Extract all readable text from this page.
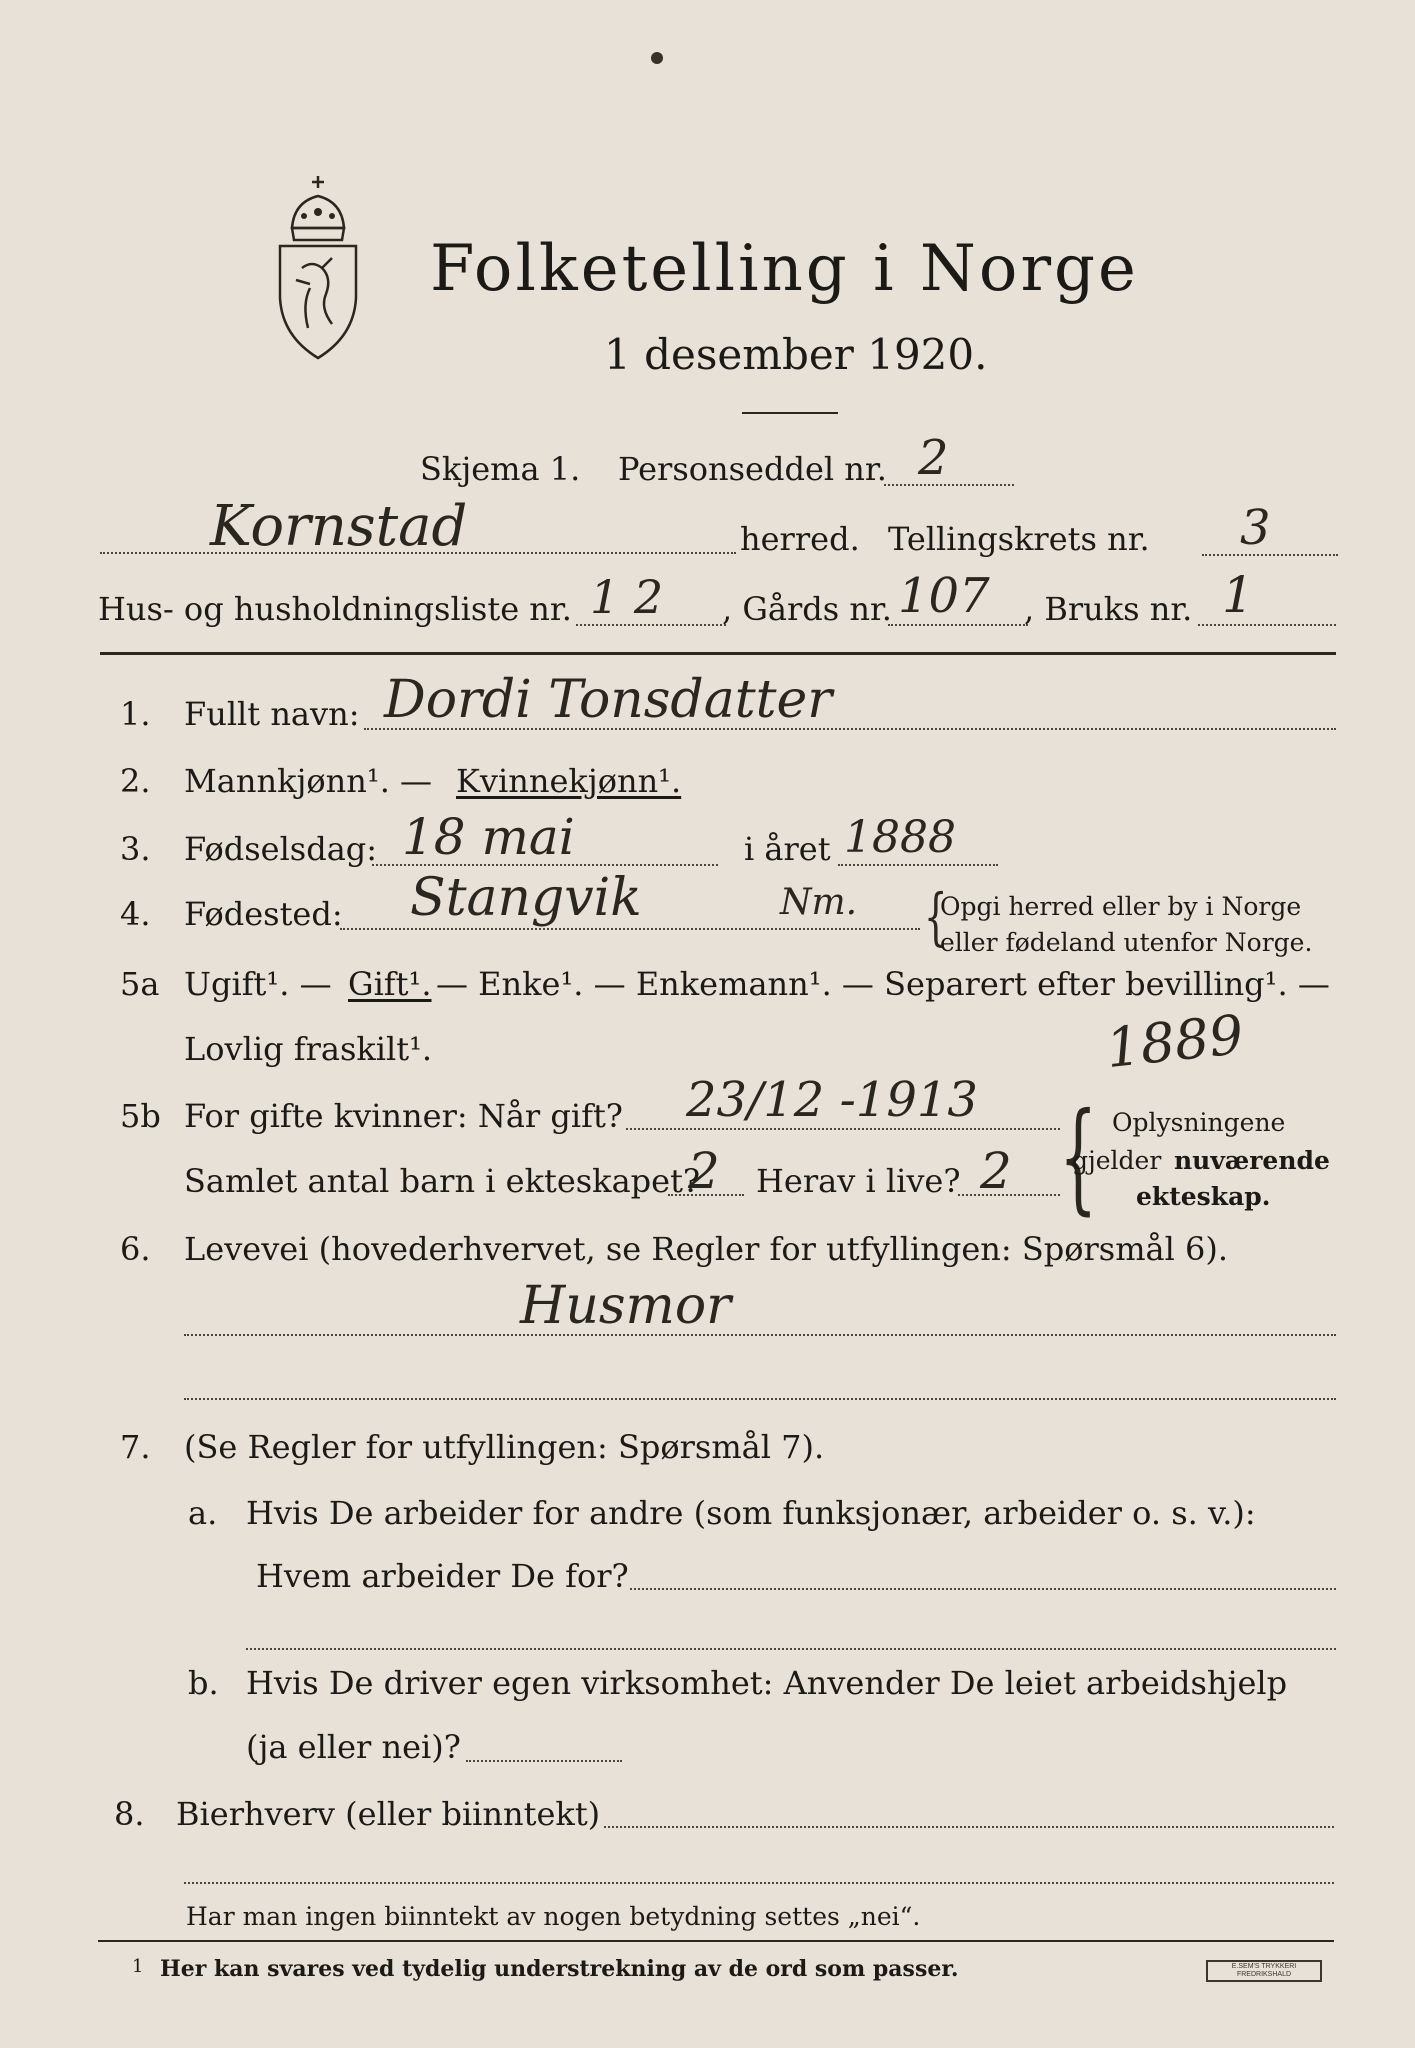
Folketelling i Norge
1 desember 1920.
Skjema 1. Personseddel nr. 2
Kornstad	herred. Tellingskrets nr. 3
Hus- og husholdningsliste nr. 1 2 , Gårds nr. 107 , Bruks nr. 1
1. Fullt navn: Dordi Tonsdatter
2. Mannkjønn¹. — Kvinnekjønn¹.
3. Fødselsdag: 18 mai	i året 1888
4. Fødested: Stangvik	Nm. {
Opgi herred eller by i Norge
eller fødeland utenfor Norge.
5a Ugift¹. — Gift¹. — Enke¹. — Enkemann¹. — Separert efter bevilling¹. —
Lovlig fraskilt¹.	1889
5b For gifte kvinner: Når gift? 23/12 -1913
Samlet antal barn i ekteskapet?
2 Herav i live? 2 { Oplysningene
gjelder nuværende
ekteskap.
6. Levevei (hovederhvervet, se Regler for utfyllingen: Spørsmål 6).
Husmor
7. (Se Regler for utfyllingen: Spørsmål 7).
a. Hvis De arbeider for andre (som funksjonær, arbeider o. s. v.):
Hvem arbeider De for?
b. Hvis De driver egen virksomhet: Anvender De leiet arbeidshjelp
(ja eller nei)?
8. Bierhverv (eller biinntekt)
Har man ingen biinntekt av nogen betydning settes „nei“.
1 Her kan svares ved tydelig understrekning av de ord som passer.	E.SEM'S TRYKKERI
FREDRIKSHALD
